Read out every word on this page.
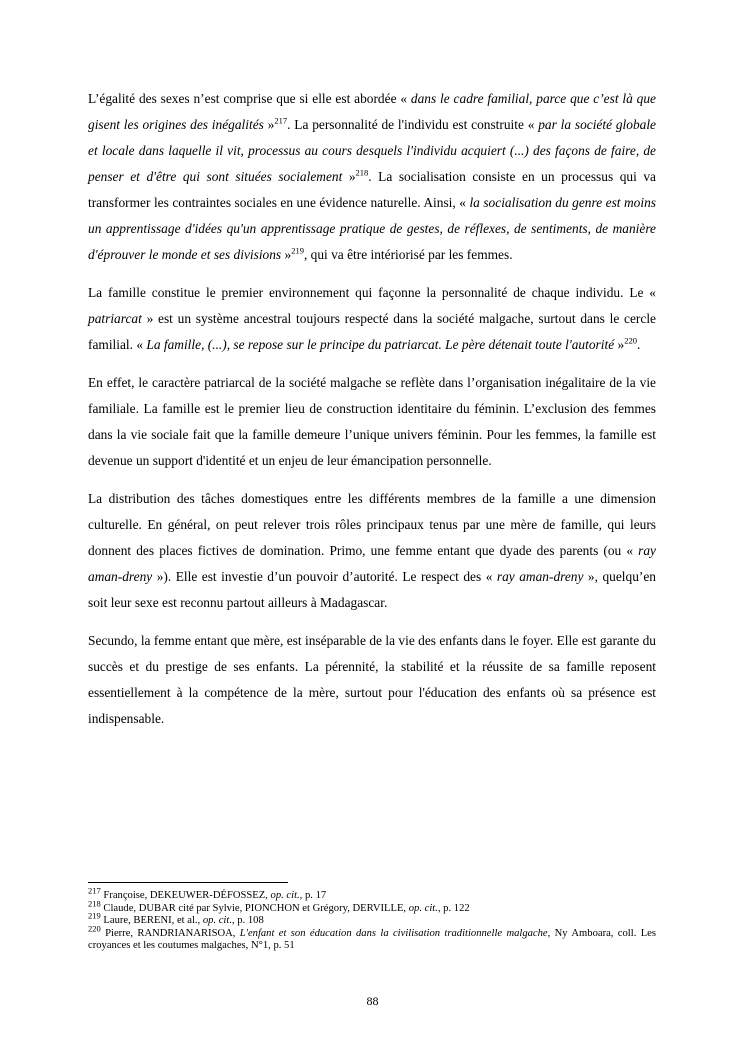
L’égalité des sexes n’est comprise que si elle est abordée « dans le cadre familial, parce que c’est là que gisent les origines des inégalités »$^{217}$. La personnalité de l'individu est construite « par la société globale et locale dans laquelle il vit, processus au cours desquels l'individu acquiert (...) des façons de faire, de penser et d'être qui sont situées socialement »$^{218}$. La socialisation consiste en un processus qui va transformer les contraintes sociales en une évidence naturelle. Ainsi, « la socialisation du genre est moins un apprentissage d'idées qu'un apprentissage pratique de gestes, de réflexes, de sentiments, de manière d'éprouver le monde et ses divisions »$^{219}$, qui va être intériorisé par les femmes.

La famille constitue le premier environnement qui façonne la personnalité de chaque individu. Le « patriarcat » est un système ancestral toujours respecté dans la société malgache, surtout dans le cercle familial. « La famille, (...), se repose sur le principe du patriarcat. Le père détenait toute l'autorité »$^{220}$.

En effet, le caractère patriarcal de la société malgache se reflète dans l’organisation inégalitaire de la vie familiale. La famille est le premier lieu de construction identitaire du féminin. L’exclusion des femmes dans la vie sociale fait que la famille demeure l’unique univers féminin. Pour les femmes, la famille est devenue un support d'identité et un enjeu de leur émancipation personnelle.

La distribution des tâches domestiques entre les différents membres de la famille a une dimension culturelle. En général, on peut relever trois rôles principaux tenus par une mère de famille, qui leurs donnent des places fictives de domination. Primo, une femme entant que dyade des parents (ou « ray aman-dreny »). Elle est investie d’un pouvoir d’autorité. Le respect des « ray aman-dreny », quelqu’en soit leur sexe est reconnu partout ailleurs à Madagascar.

Secundo, la femme entant que mère, est inséparable de la vie des enfants dans le foyer. Elle est garante du succès et du prestige de ses enfants. La pérennité, la stabilité et la réussite de sa famille reposent essentiellement à la compétence de la mère, surtout pour l'éducation des enfants où sa présence est indispensable.

$^{217}$ Françoise, DEKEUWER-DÉFOSSEZ, op. cit., p. 17

$^{218}$ Claude, DUBAR cité par Sylvie, PIONCHON et Grégory, DERVILLE, op. cit., p. 122

$^{219}$ Laure, BERENI, et al., op. cit., p. 108

$^{220}$ Pierre, RANDRIANARISOA, L'enfant et son éducation dans la civilisation traditionnelle malgache, Ny Amboara, coll. Les croyances et les coutumes malgaches, N°1, p. 51

88
